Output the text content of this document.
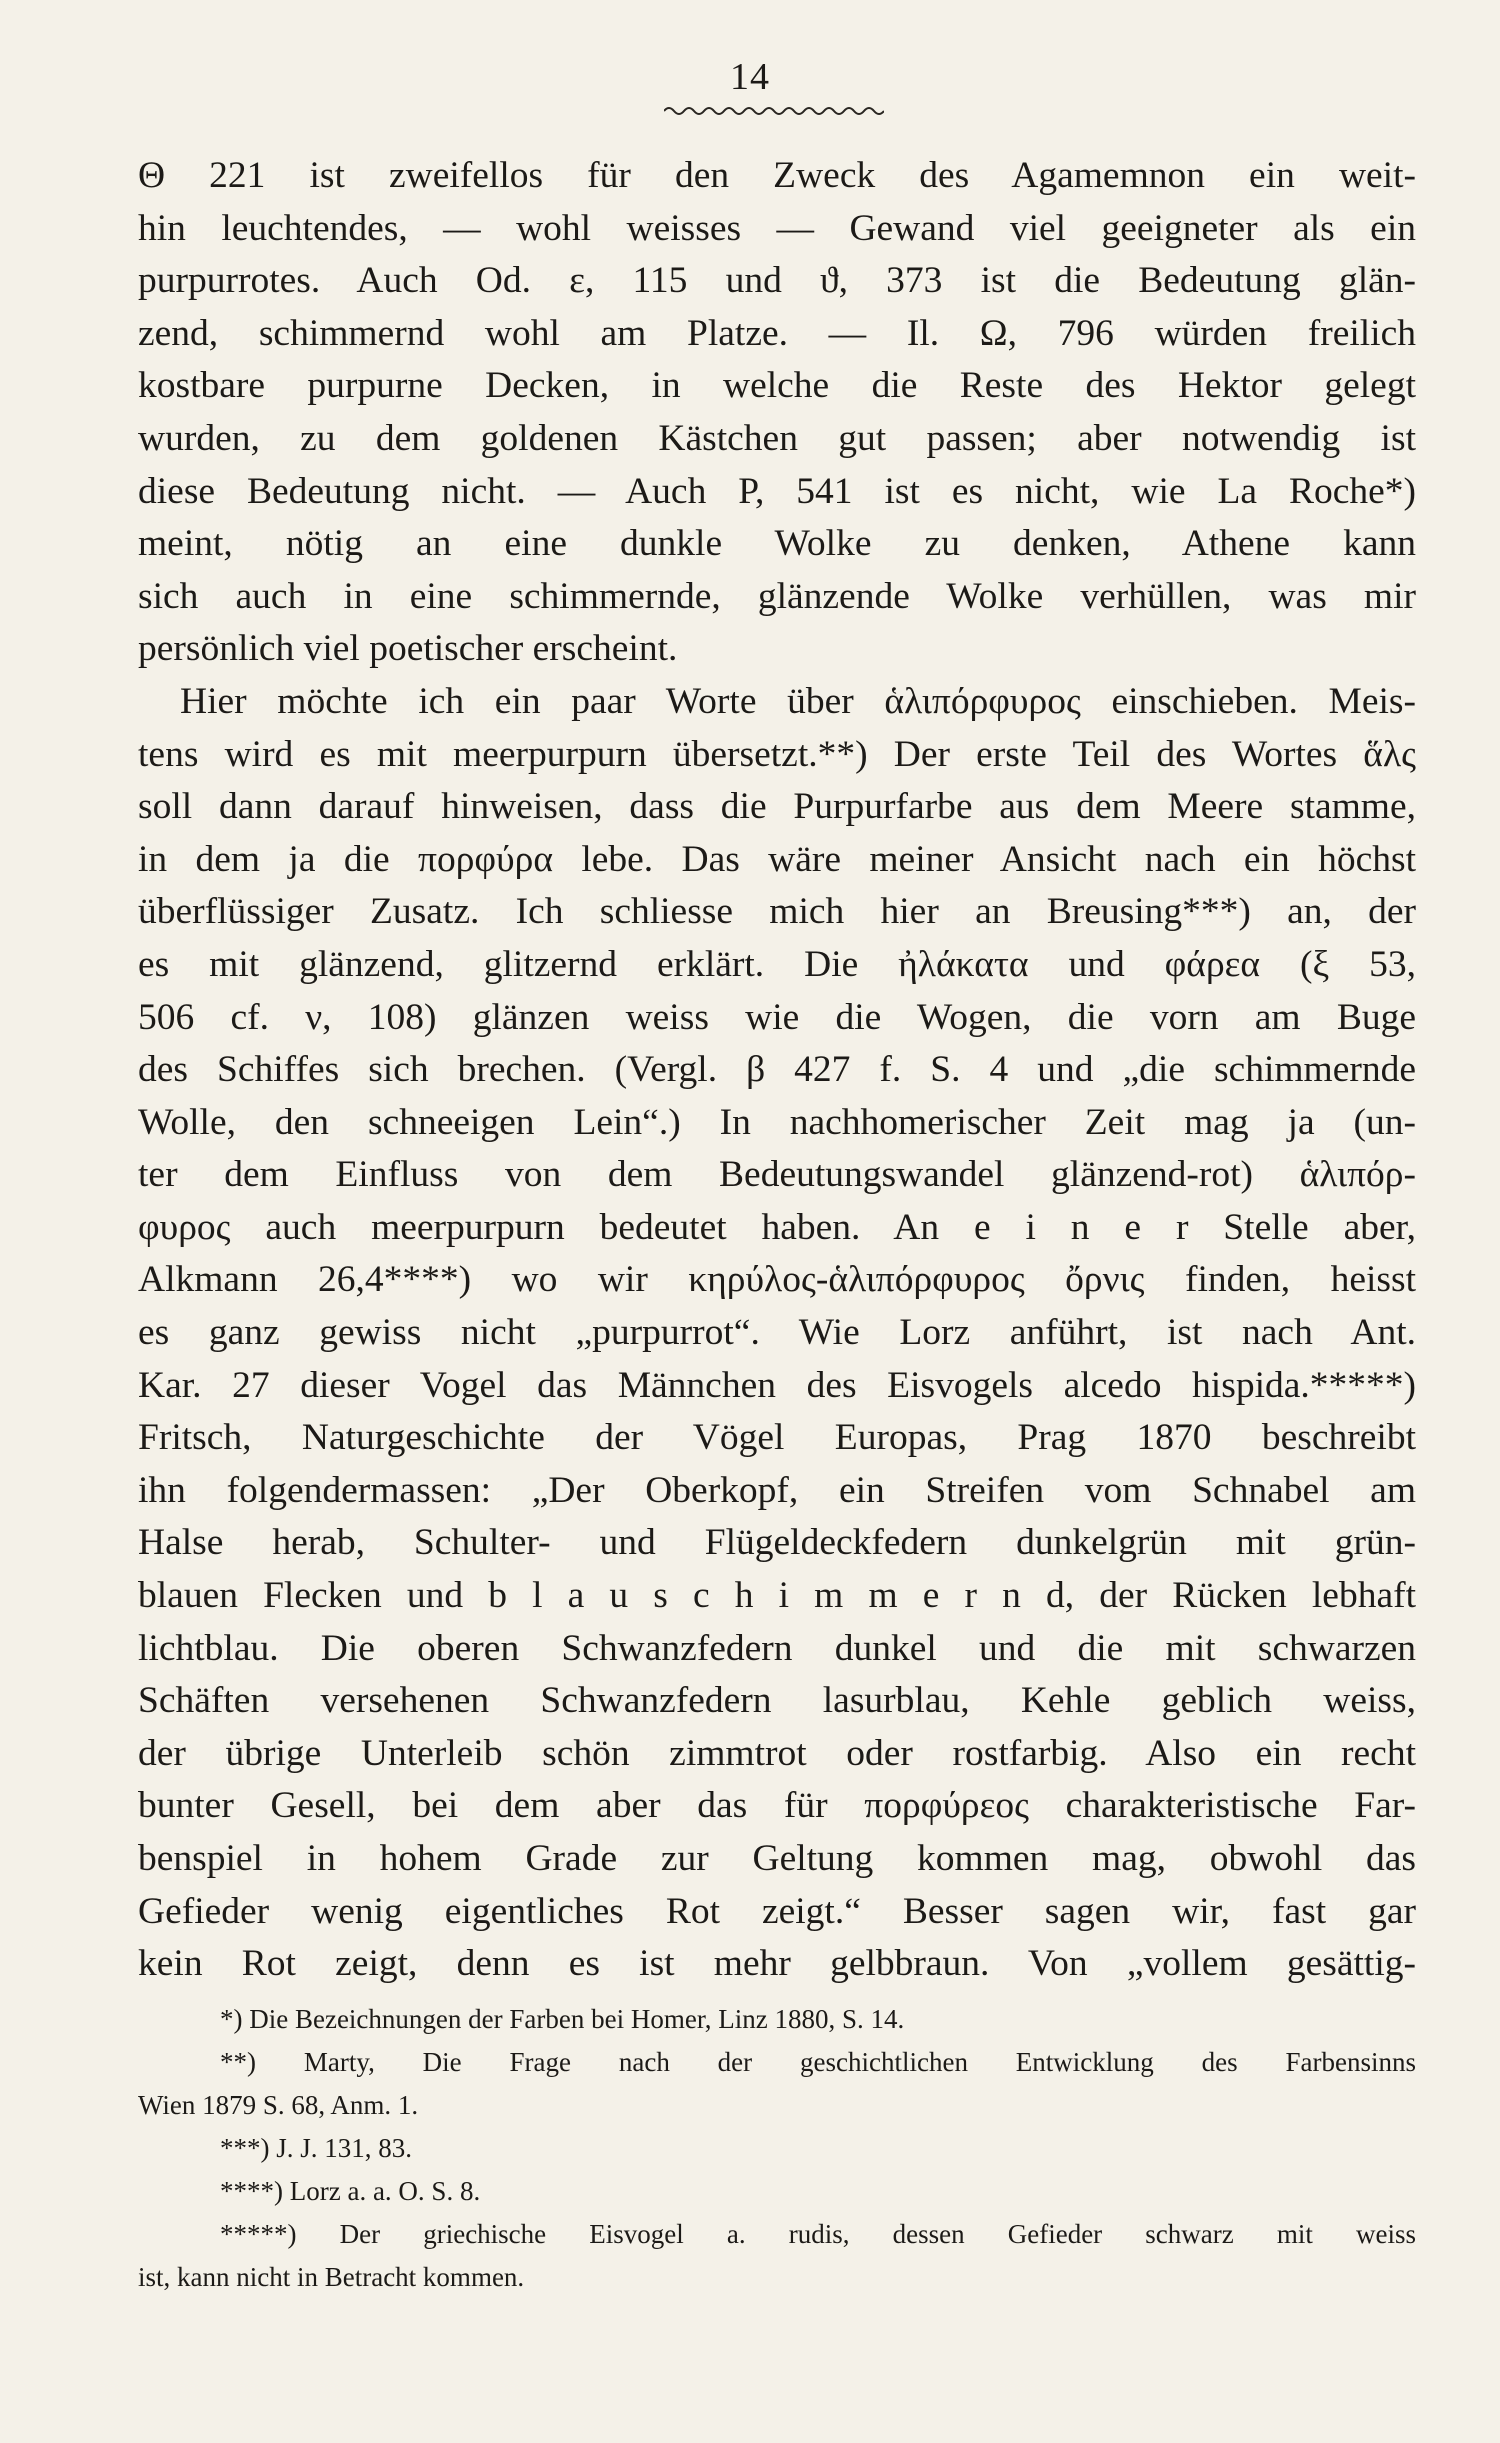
14
Θ 221 ist zweifellos für den Zweck des Agamemnon ein weit-
hin leuchtendes, — wohl weisses — Gewand viel geeigneter als ein
purpurrotes. Auch Od. ε, 115 und ϑ, 373 ist die Bedeutung glän-
zend, schimmernd wohl am Platze. — Il. Ω, 796 würden freilich
kostbare purpurne Decken, in welche die Reste des Hektor gelegt
wurden, zu dem goldenen Kästchen gut passen; aber notwendig ist
diese Bedeutung nicht. — Auch P, 541 ist es nicht, wie La Roche*)
meint, nötig an eine dunkle Wolke zu denken, Athene kann
sich auch in eine schimmernde, glänzende Wolke verhüllen, was mir
persönlich viel poetischer erscheint.
Hier möchte ich ein paar Worte über ἁλιπόρφυρος einschieben. Meis-
tens wird es mit meerpurpurn übersetzt.**) Der erste Teil des Wortes ἅλς
soll dann darauf hinweisen, dass die Purpurfarbe aus dem Meere stamme,
in dem ja die πορφύρα lebe. Das wäre meiner Ansicht nach ein höchst
überflüssiger Zusatz. Ich schliesse mich hier an Breusing***) an, der
es mit glänzend, glitzernd erklärt. Die ἠλάκατα und φάρεα (ξ 53,
506 cf. ν, 108) glänzen weiss wie die Wogen, die vorn am Buge
des Schiffes sich brechen. (Vergl. β 427 f. S. 4 und „die schimmernde
Wolle, den schneeigen Lein“.) In nachhomerischer Zeit mag ja (un-
ter dem Einfluss von dem Bedeutungswandel glänzend-rot) ἁλιπόρ-
φυρος auch meerpurpurn bedeutet haben. An e i n e r Stelle aber,
Alkmann 26,4****) wo wir κηρύλος-ἁλιπόρφυρος ὄρνις finden, heisst
es ganz gewiss nicht „purpurrot“. Wie Lorz anführt, ist nach Ant.
Kar. 27 dieser Vogel das Männchen des Eisvogels alcedo hispida.*****)
Fritsch, Naturgeschichte der Vögel Europas, Prag 1870 beschreibt
ihn folgendermassen: „Der Oberkopf, ein Streifen vom Schnabel am
Halse herab, Schulter- und Flügeldeckfedern dunkelgrün mit grün-
blauen Flecken und b l a u s c h i m m e r n d, der Rücken lebhaft
lichtblau. Die oberen Schwanzfedern dunkel und die mit schwarzen
Schäften versehenen Schwanzfedern lasurblau, Kehle geblich weiss,
der übrige Unterleib schön zimmtrot oder rostfarbig. Also ein recht
bunter Gesell, bei dem aber das für πορφύρεος charakteristische Far-
benspiel in hohem Grade zur Geltung kommen mag, obwohl das
Gefieder wenig eigentliches Rot zeigt.“ Besser sagen wir, fast gar
kein Rot zeigt, denn es ist mehr gelbbraun. Von „vollem gesättig-
*) Die Bezeichnungen der Farben bei Homer, Linz 1880, S. 14.
**) Marty, Die Frage nach der geschichtlichen Entwicklung des Farbensinns
Wien 1879 S. 68, Anm. 1.
***) J. J. 131, 83.
****) Lorz a. a. O. S. 8.
*****) Der griechische Eisvogel a. rudis, dessen Gefieder schwarz mit weiss
ist, kann nicht in Betracht kommen.
